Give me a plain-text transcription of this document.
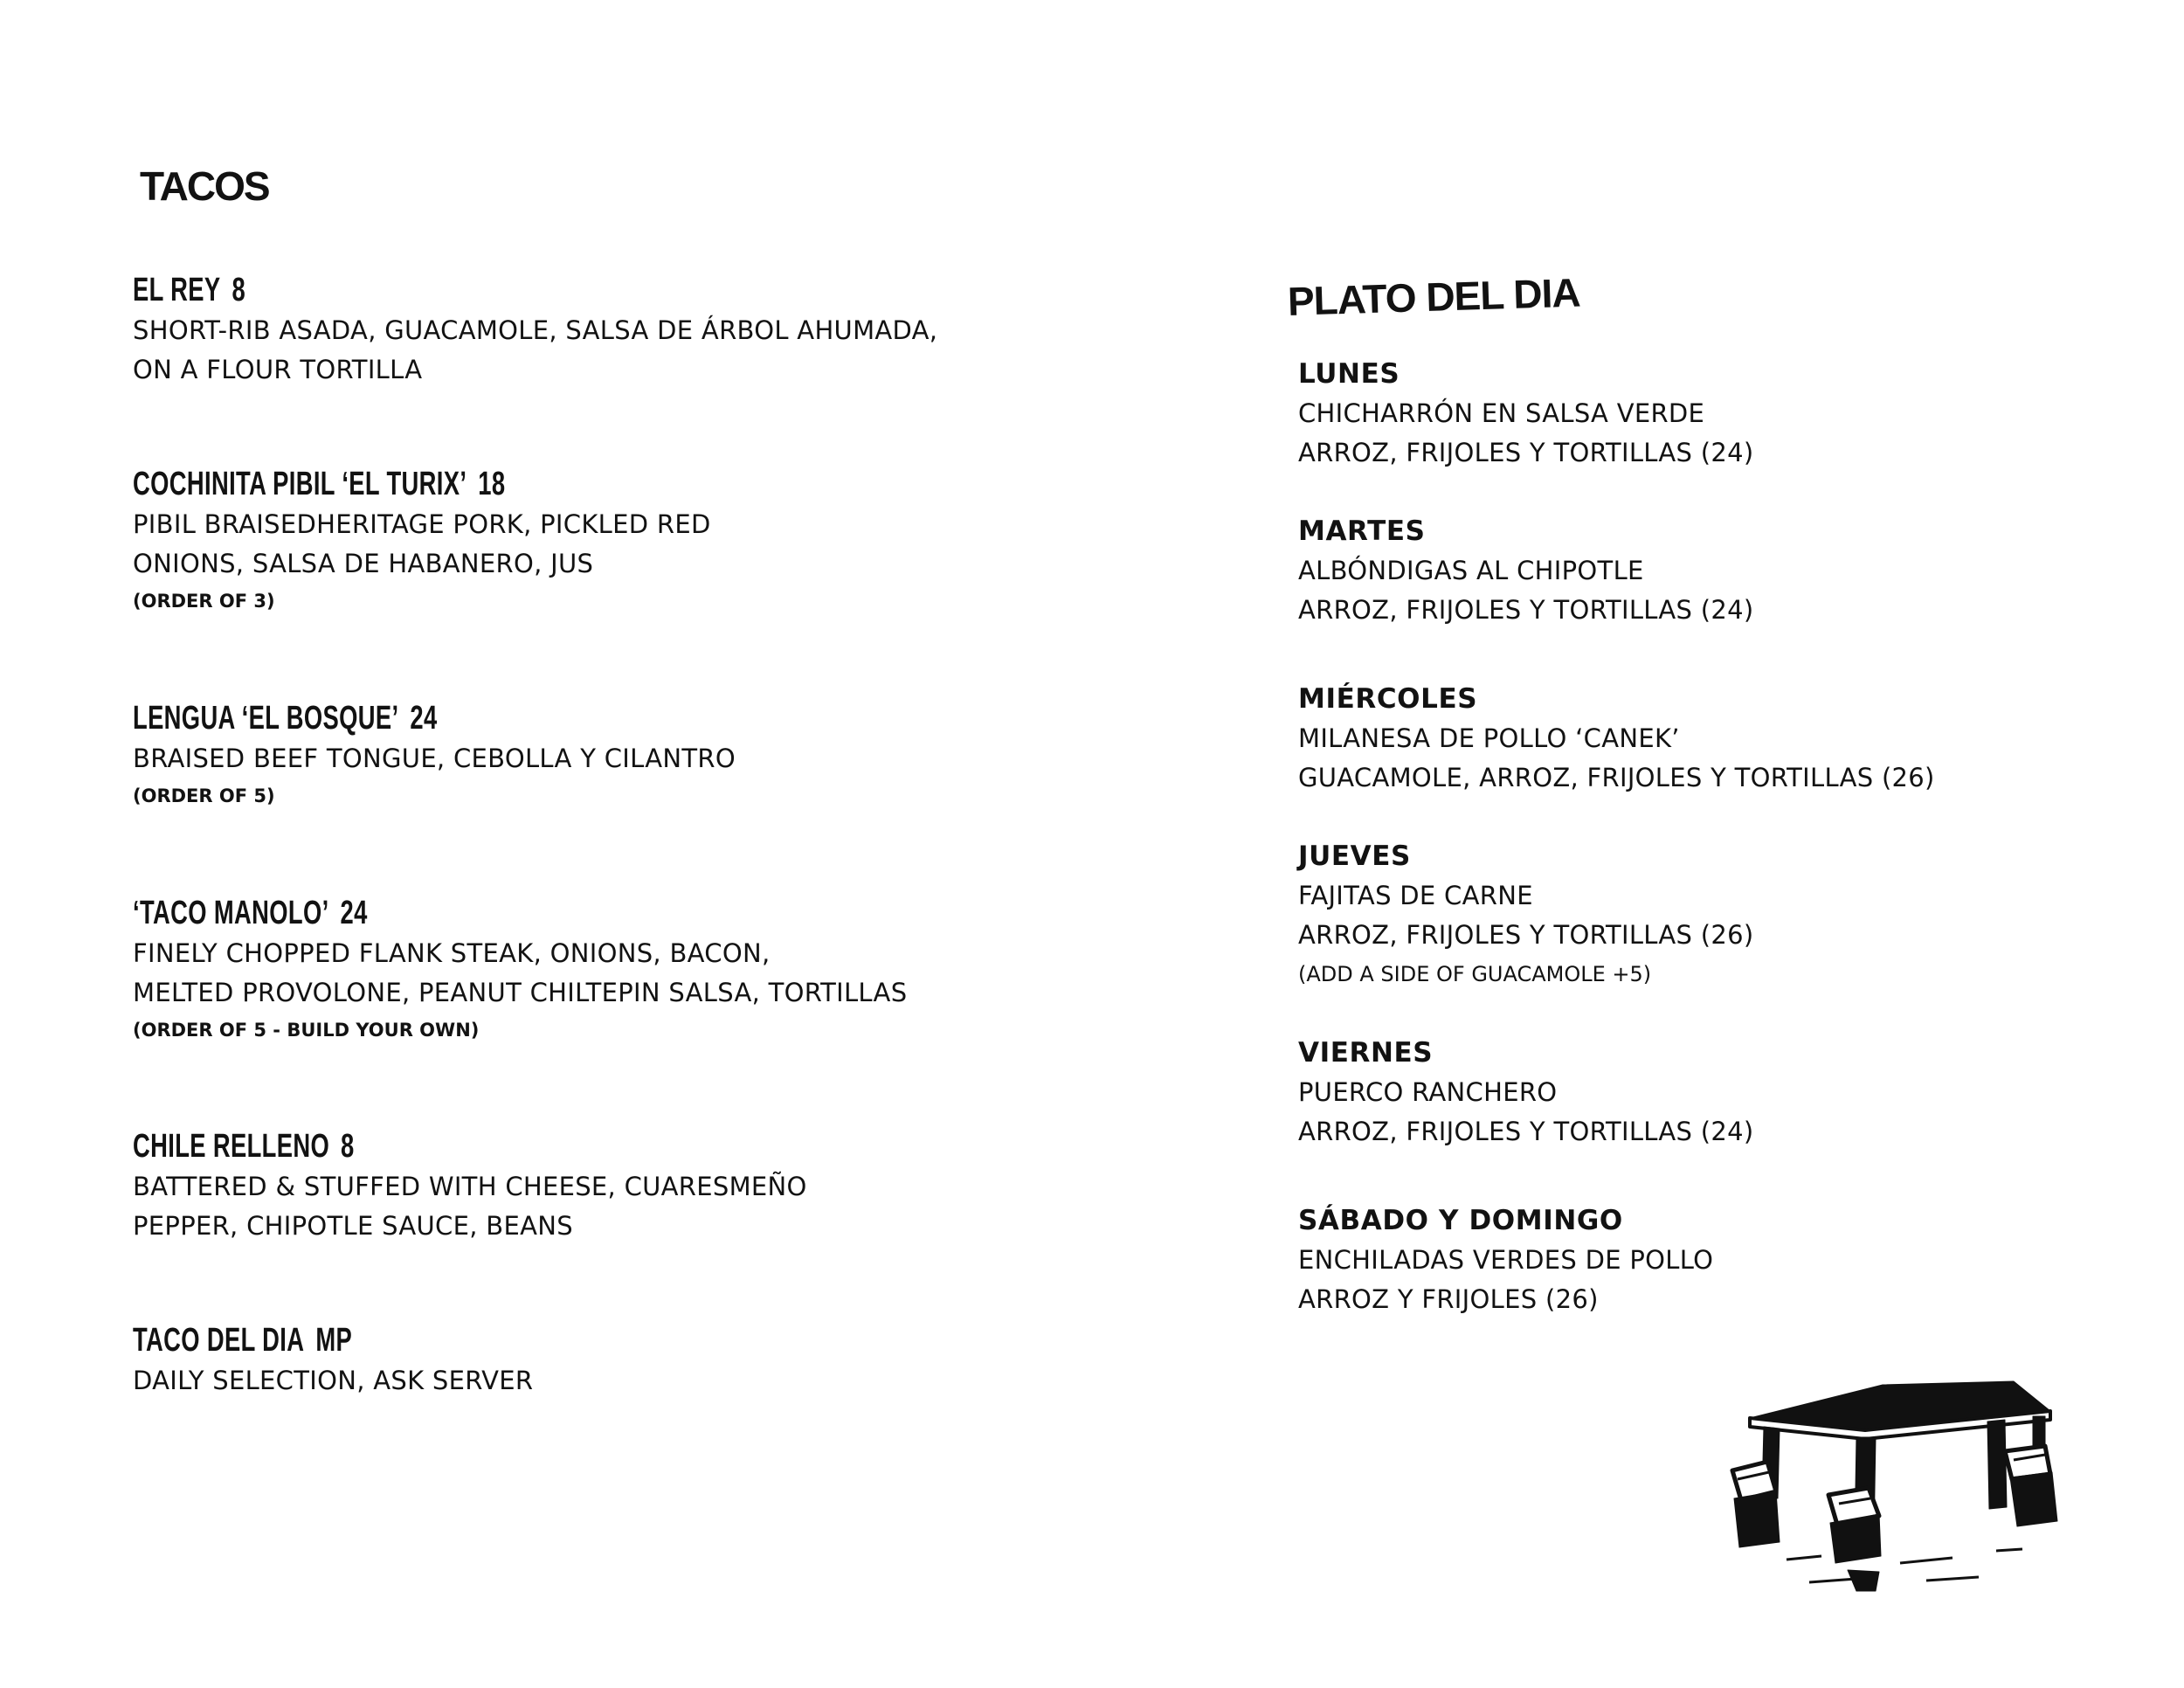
TACOS
EL REY 8
SHORT-RIB ASADA, GUACAMOLE, SALSA DE ÁRBOL AHUMADA,
ON A FLOUR TORTILLA
COCHINITA PIBIL ‘EL TURIX’ 18
PIBIL BRAISEDHERITAGE PORK, PICKLED RED
ONIONS, SALSA DE HABANERO, JUS
(ORDER OF 3)
LENGUA ‘EL BOSQUE’ 24
BRAISED BEEF TONGUE, CEBOLLA Y CILANTRO
(ORDER OF 5)
‘TACO MANOLO’ 24
FINELY CHOPPED FLANK STEAK, ONIONS, BACON,
MELTED PROVOLONE, PEANUT CHILTEPIN SALSA, TORTILLAS
(ORDER OF 5 - BUILD YOUR OWN)
CHILE RELLENO 8
BATTERED & STUFFED WITH CHEESE, CUARESMEÑO
PEPPER, CHIPOTLE SAUCE, BEANS
TACO DEL DIA MP
DAILY SELECTION, ASK SERVER
PLATO DEL DIA
LUNES
CHICHARRÓN EN SALSA VERDE
ARROZ, FRIJOLES Y TORTILLAS (24)
MARTES
ALBÓNDIGAS AL CHIPOTLE
ARROZ, FRIJOLES Y TORTILLAS (24)
MIÉRCOLES
MILANESA DE POLLO ‘CANEK’
GUACAMOLE, ARROZ, FRIJOLES Y TORTILLAS (26)
JUEVES
FAJITAS DE CARNE
ARROZ, FRIJOLES Y TORTILLAS (26)
(ADD A SIDE OF GUACAMOLE +5)
VIERNES
PUERCO RANCHERO
ARROZ, FRIJOLES Y TORTILLAS (24)
SÁBADO Y DOMINGO
ENCHILADAS VERDES DE POLLO
ARROZ Y FRIJOLES (26)
